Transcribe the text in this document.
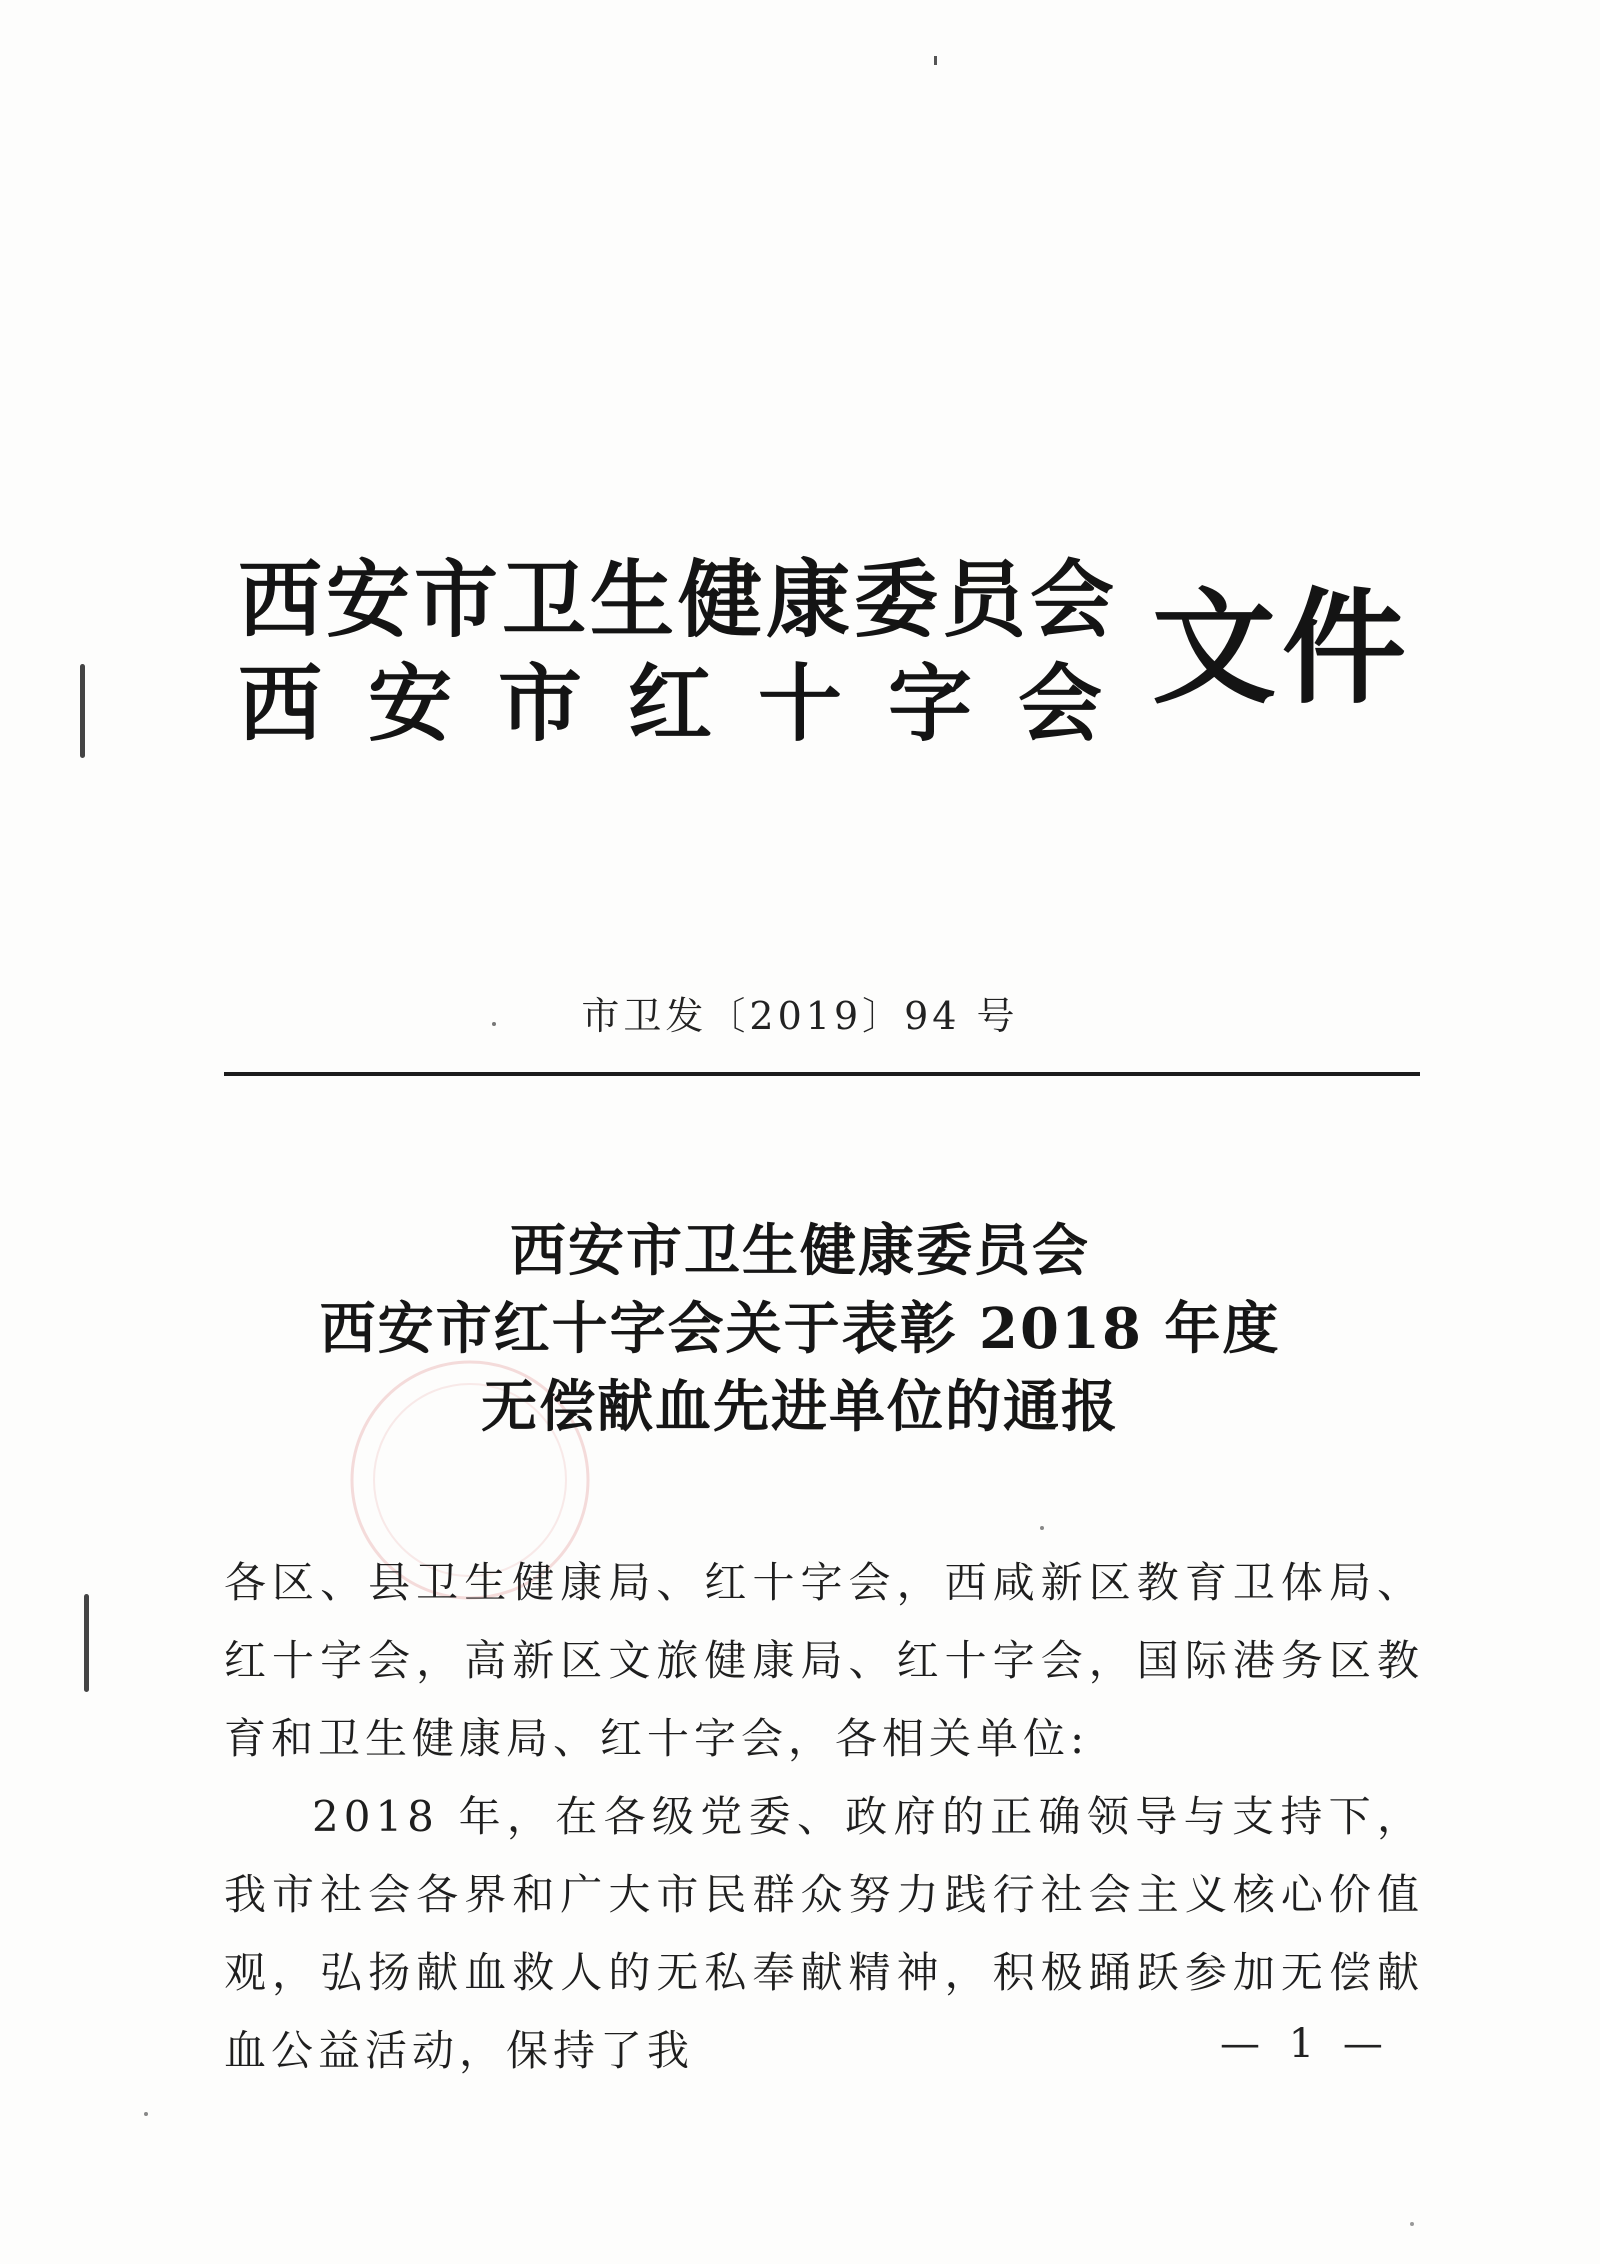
西安市卫生健康委员会
西安市红十字会 文件
市卫发〔2019〕94 号
西安市卫生健康委员会
西安市红十字会关于表彰 2018 年度
无偿献血先进单位的通报

各区、县卫生健康局、红十字会，西咸新区教育卫体局、红十字会，高新区文旅健康局、红十字会，国际港务区教育和卫生健康局、红十字会，各相关单位:

2018 年，在各级党委、政府的正确领导与支持下，我市社会各界和广大市民群众努力践行社会主义核心价值观，弘扬献血救人的无私奉献精神，积极踊跃参加无偿献血公益活动，保持了我	— 1 —
